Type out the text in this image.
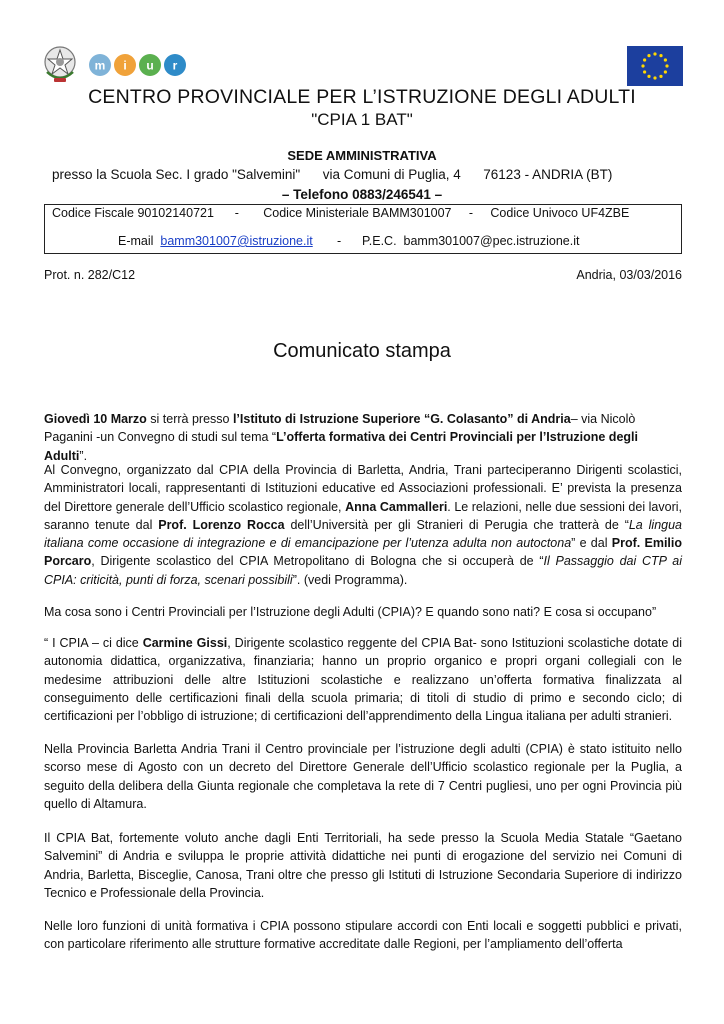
m i u r
CENTRO PROVINCIALE PER L’ISTRUZIONE DEGLI ADULTI
"CPIA 1 BAT"
SEDE AMMINISTRATIVA
presso la Scuola Sec. I grado "Salvemini"      via Comuni di Puglia, 4      76123 - ANDRIA (BT)
– Telefono 0883/246541 –
Codice Fiscale 90102140721      -       Codice Ministeriale BAMM301007     -     Codice Univoco UF4ZBE
E-mail  bamm301007@istruzione.it       -      P.E.C.  bamm301007@pec.istruzione.it
Prot. n. 282/C12	Andria, 03/03/2016
Comunicato stampa

Giovedì 10 Marzo si terrà presso l’Istituto di Istruzione Superiore “G. Colasanto” di Andria– via Nicolò Paganini -un Convegno di studi sul tema “L’offerta formativa dei Centri Provinciali per l’Istruzione degli Adulti”.

Al Convegno, organizzato dal CPIA della Provincia di Barletta, Andria, Trani parteciperanno Dirigenti scolastici, Amministratori locali, rappresentanti di Istituzioni educative ed Associazioni professionali. E’ prevista la presenza del Direttore generale dell’Ufficio scolastico regionale, Anna Cammalleri. Le relazioni, nelle due sessioni dei lavori, saranno tenute dal Prof. Lorenzo Rocca dell’Università per gli Stranieri di Perugia che tratterà de “La lingua italiana come occasione di integrazione e di emancipazione per l’utenza adulta non autoctona” e dal Prof. Emilio Porcaro, Dirigente scolastico del CPIA Metropolitano di Bologna che si occuperà de “Il Passaggio dai CTP ai CPIA: criticità, punti di forza, scenari possibili”. (vedi Programma).

Ma cosa sono i Centri Provinciali per l’Istruzione degli Adulti (CPIA)? E quando sono nati? E cosa si occupano”

“ I CPIA – ci dice Carmine Gissi, Dirigente scolastico reggente del CPIA Bat- sono Istituzioni scolastiche dotate di autonomia didattica, organizzativa, finanziaria; hanno un proprio organico e propri organi collegiali con le medesime attribuzioni delle altre Istituzioni scolastiche e realizzano un’offerta formativa finalizzata al conseguimento delle certificazioni finali della scuola primaria; di titoli di studio di primo e secondo ciclo; di certificazioni per l’obbligo di istruzione; di certificazioni dell’apprendimento della Lingua italiana per adulti stranieri.

Nella Provincia Barletta Andria Trani il Centro provinciale per l’istruzione degli adulti (CPIA) è stato istituito nello scorso mese di Agosto con un decreto del Direttore Generale dell’Ufficio scolastico regionale per la Puglia, a seguito della delibera della Giunta regionale che completava la rete di 7 Centri pugliesi, uno per ogni Provincia più quello di Altamura.

Il CPIA Bat, fortemente voluto anche dagli Enti Territoriali, ha sede presso la Scuola Media Statale “Gaetano Salvemini” di Andria e sviluppa le proprie attività didattiche nei punti di erogazione del servizio nei Comuni di Andria, Barletta, Bisceglie, Canosa, Trani oltre che presso gli Istituti di Istruzione Secondaria Superiore di indirizzo Tecnico e Professionale della Provincia.

Nelle loro funzioni di unità formativa i CPIA possono stipulare accordi con Enti locali e soggetti pubblici e privati, con particolare riferimento alle strutture formative accreditate dalle Regioni, per l’ampliamento dell’offerta
